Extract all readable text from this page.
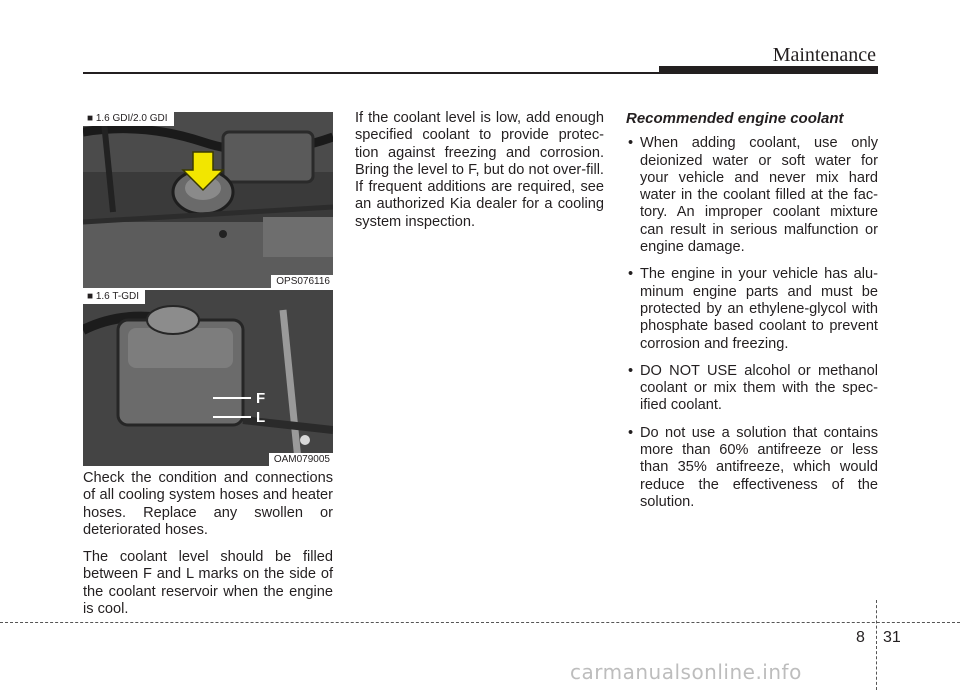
Maintenance
■ 1.6 GDI/2.0 GDI
OPS076116
F
L
■ 1.6 T-GDI
OAM079005

Check the condition and connections of all cooling system hoses and heater hoses. Replace any swollen or deteriorated hoses.

The coolant level should be filled between F and L marks on the side of the coolant reservoir when the engine is cool.

If the coolant level is low, add enough specified coolant to provide protec-tion against freezing and corrosion. Bring the level to F, but do not over-fill. If frequent additions are required, see an authorized Kia dealer for a cooling system inspection.

Recommended engine coolant
• When adding coolant, use only deionized water or soft water for your vehicle and never mix hard water in the coolant filled at the fac-tory. An improper coolant mixture can result in serious malfunction or engine damage.
• The engine in your vehicle has alu-minum engine parts and must be protected by an ethylene-glycol with phosphate based coolant to prevent corrosion and freezing.
• DO NOT USE alcohol or methanol coolant or mix them with the spec-ified coolant.
• Do not use a solution that contains more than 60% antifreeze or less than 35% antifreeze, which would reduce the effectiveness of the solution.
8 31
carmanualsonline.info
